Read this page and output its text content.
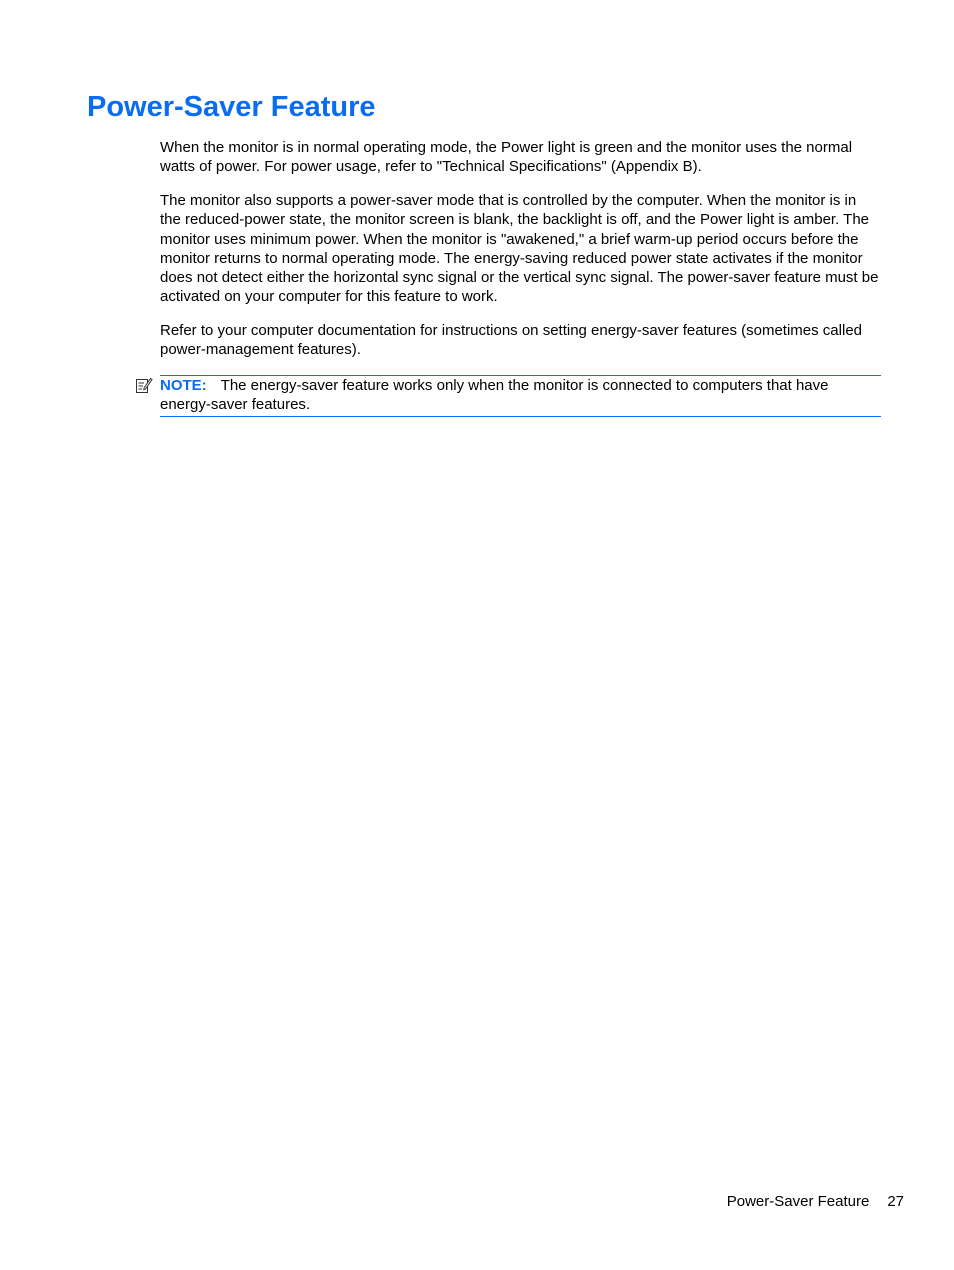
Power-Saver Feature

When the monitor is in normal operating mode, the Power light is green and the monitor uses the normal watts of power. For power usage, refer to "Technical Specifications" (Appendix B).

The monitor also supports a power-saver mode that is controlled by the computer. When the monitor is in the reduced-power state, the monitor screen is blank, the backlight is off, and the Power light is amber. The monitor uses minimum power. When the monitor is "awakened," a brief warm-up period occurs before the monitor returns to normal operating mode. The energy-saving reduced power state activates if the monitor does not detect either the horizontal sync signal or the vertical sync signal. The power-saver feature must be activated on your computer for this feature to work.

Refer to your computer documentation for instructions on setting energy-saver features (sometimes called power-management features).

NOTE: The energy-saver feature works only when the monitor is connected to computers that have energy-saver features.
Power-Saver Feature 27
